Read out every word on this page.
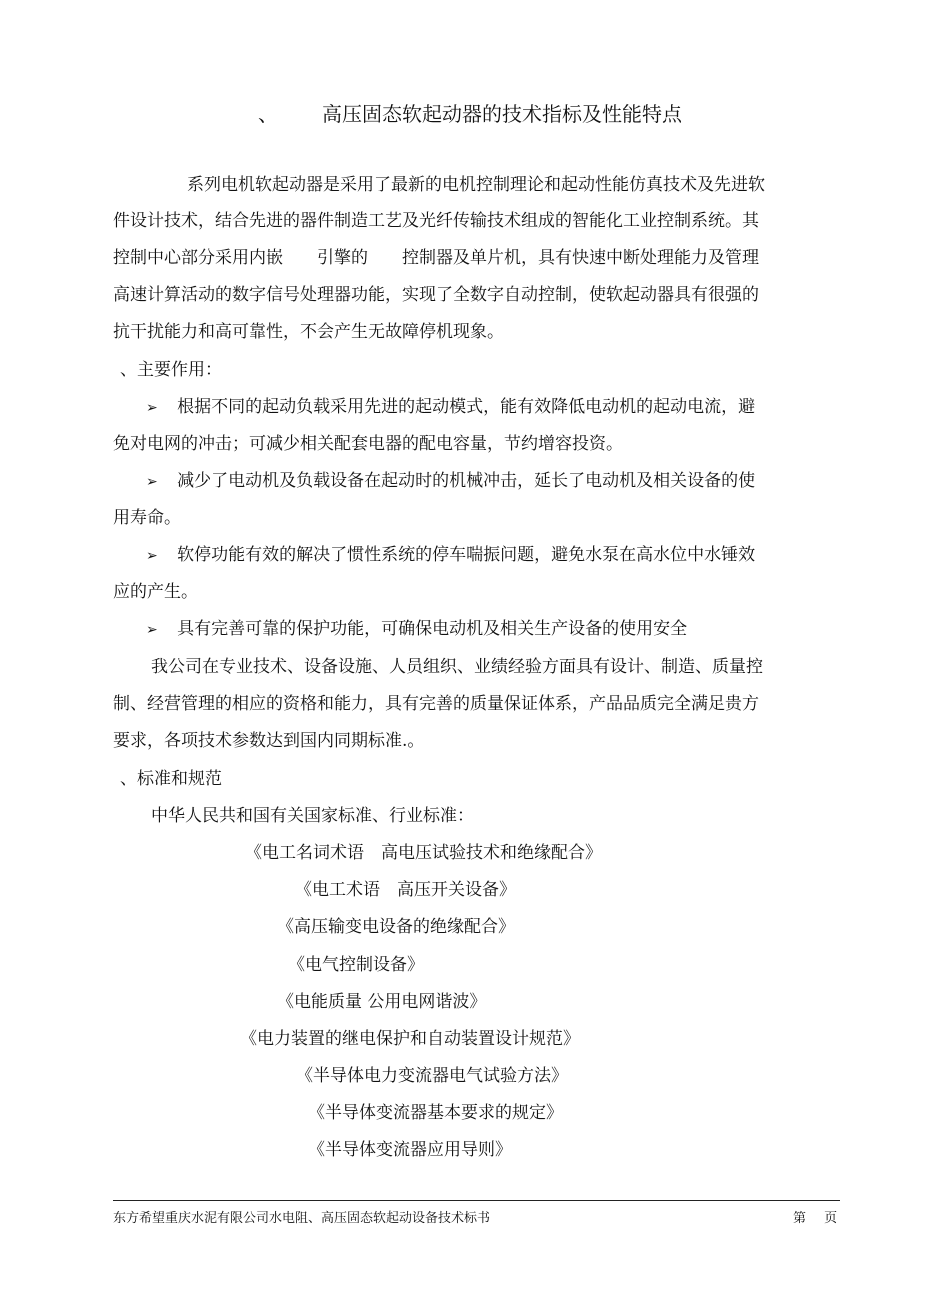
、 高压固态软起动器的技术指标及性能特点
系列电机软起动器是采用了最新的电机控制理论和起动性能仿真技术及先进软
件设计技术，结合先进的器件制造工艺及光纤传输技术组成的智能化工业控制系统。其
控制中心部分采用内嵌　　引擎的　　控制器及单片机，具有快速中断处理能力及管理
高速计算活动的数字信号处理器功能，实现了全数字自动控制，使软起动器具有很强的
抗干扰能力和高可靠性，不会产生无故障停机现象。
、主要作用：
➢ 根据不同的起动负载采用先进的起动模式，能有效降低电动机的起动电流，避
免对电网的冲击；可减少相关配套电器的配电容量，节约增容投资。
➢ 减少了电动机及负载设备在起动时的机械冲击，延长了电动机及相关设备的使
用寿命。
➢ 软停功能有效的解决了惯性系统的停车喘振问题，避免水泵在高水位中水锤效
应的产生。
➢ 具有完善可靠的保护功能，可确保电动机及相关生产设备的使用安全
我公司在专业技术、设备设施、人员组织、业绩经验方面具有设计、制造、质量控
制、经营管理的相应的资格和能力，具有完善的质量保证体系，产品品质完全满足贵方
要求，各项技术参数达到国内同期标准.。
、标准和规范
中华人民共和国有关国家标准、行业标准：
《电工名词术语　高电压试验技术和绝缘配合》
《电工术语　高压开关设备》
《高压输变电设备的绝缘配合》
《电气控制设备》
《电能质量 公用电网谐波》
《电力装置的继电保护和自动装置设计规范》
《半导体电力变流器电气试验方法》
《半导体变流器基本要求的规定》
《半导体变流器应用导则》
东方希望重庆水泥有限公司水电阻、高压固态软起动设备技术标书	第 页
